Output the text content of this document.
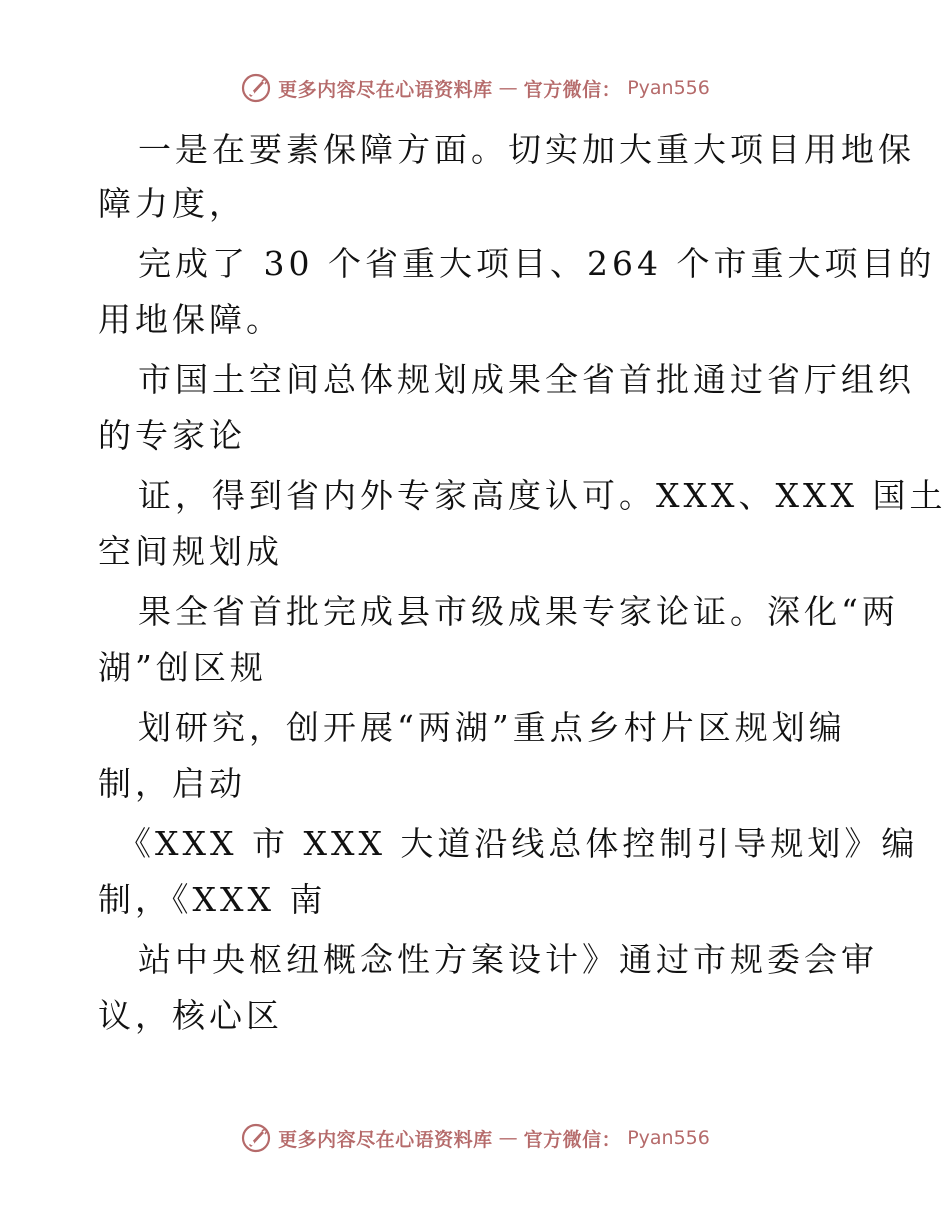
更多内容尽在心语资料库 — 官方微信： Pyan556
一是在要素保障方面。切实加大重大项目用地保
障力度，
完成了 30 个省重大项目、264 个市重大项目的
用地保障。
市国土空间总体规划成果全省首批通过省厅组织
的专家论
证，得到省内外专家高度认可。XXX、XXX 国土
空间规划成
果全省首批完成县市级成果专家论证。深化“两
湖”创区规
划研究，创开展“两湖”重点乡村片区规划编
制，启动
《XXX 市 XXX 大道沿线总体控制引导规划》编
制，《XXX 南
站中央枢纽概念性方案设计》通过市规委会审
议，核心区
更多内容尽在心语资料库 — 官方微信： Pyan556
